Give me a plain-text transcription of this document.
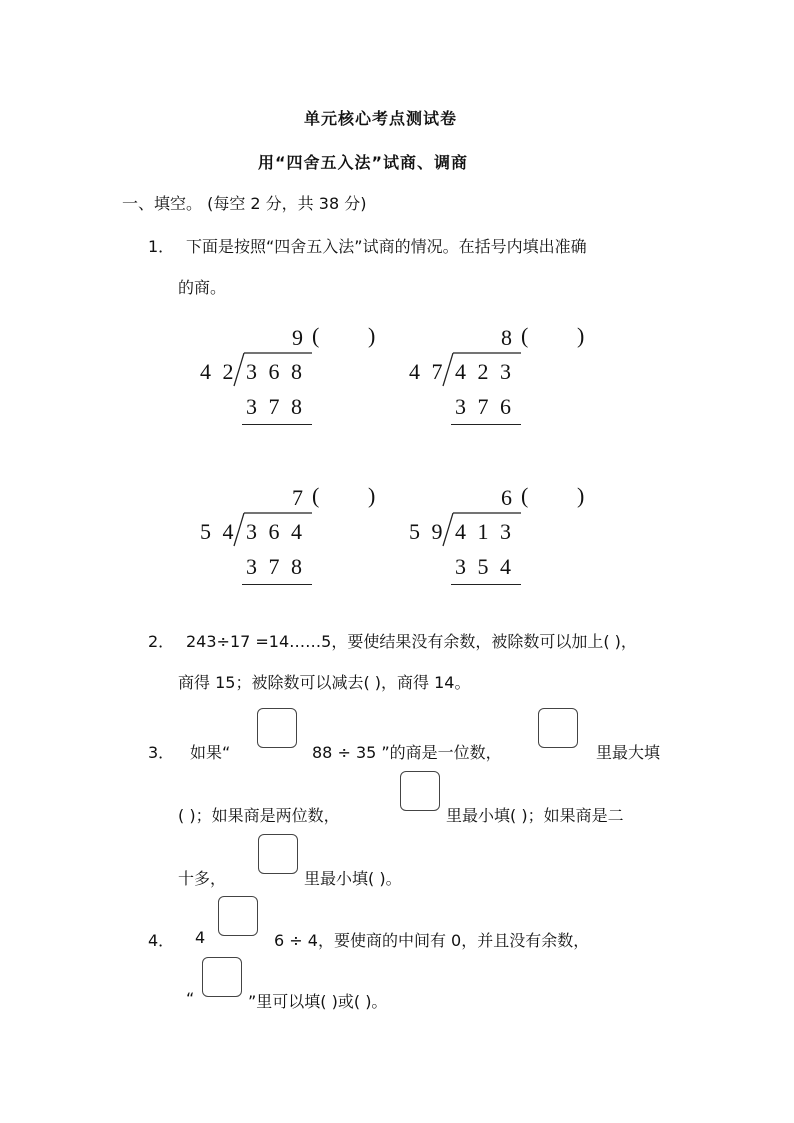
单元核心考点测试卷
用“四舍五入法”试商、调商
一、填空。 (每空 2 分，共 38 分)
1． 下面是按照“四舍五入法”试商的情况。在括号内填出准确
的商。
9 ( )
4 2 3 6 8
3 7 8
8 ( )
4 7 4 2 3
3 7 6
7 ( )
5 4 3 6 4
3 7 8
6 ( )
5 9 4 1 3
3 5 4
2． 243÷17 =14……5，要使结果没有余数，被除数可以加上( )，
商得 15；被除数可以减去( )，商得 14。
3． 如果“	88 ÷ 35 ”的商是一位数，	里最大填
( )；如果商是两位数，	里最小填( )；如果商是二
十多，	里最小填( )。
4． 4	6 ÷ 4，要使商的中间有 0，并且没有余数，
“	”里可以填( )或( )。
